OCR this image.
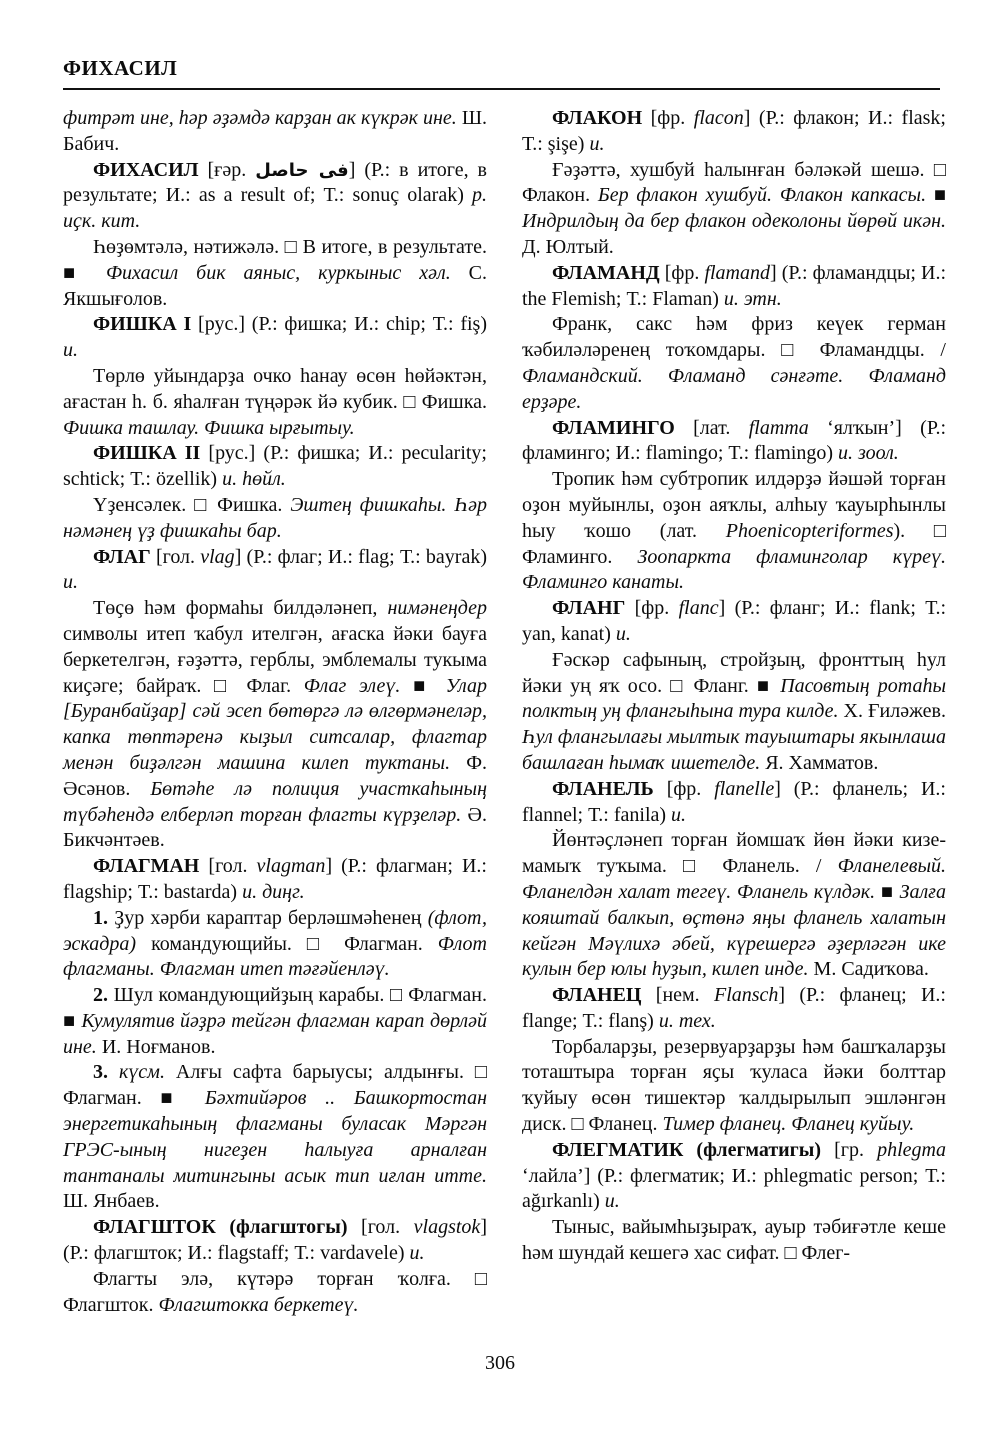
ФИХАСИЛ

фитрәт ине, һәр әҙәмдә карҙан ак күкрәк ине. Ш. Бабич.

ФИХАСИЛ [ғәр. فى حاصل] (Р.: в итоге, в результате; И.: as a result of; Т.: sonuç olarak) р. иҫк. кит.

Һөҙөмтәлә, нәтижәлә. □ В итоге, в результате. ■ Фихасил бик аяныс, куркыныс хәл. С. Якшығолов.

ФИШКА I [рус.] (Р.: фишка; И.: chip; Т.: fiş) и.

Төрлө уйындарҙа очко һанау өсөн һөйәктән, ағастан һ. б. яһалған түңәрәк йә кубик. □ Фишка. Фишка ташлау. Фишка ырғытыу.

ФИШКА II [рус.] (Р.: фишка; И.: pecularity; schtick; Т.: özellik) и. һөйл.

Үҙенсәлек. □ Фишка. Эштең фишкаһы. Һәр нәмәнең үҙ фишкаһы бар.

ФЛАГ [гол. vlag] (Р.: флаг; И.: flag; Т.: bayrak) и.

Төҫө һәм формаһы билдәләнеп, нимәнеңдер символы итеп ҡабул ителгән, ағаска йәки бауға беркетелгән, ғәҙәттә, герблы, эмблемалы тукыма киҫәге; байраҡ. □ Флаг. Флаг элеү. ■ Улар [Буранбайҙар] сәй эсеп бөтөргә лә өлгөрмәнеләр, капка төптәренә кыҙыл ситсалар, флагтар менән биҙәлгән машина килеп туктаны. Ф. Әсәнов. Бөтәһе лә полиция участкаһының түбәһендә елберләп торған флагты күрҙеләр. Ә. Бикчәнтәев.

ФЛАГМАН [гол. vlagman] (Р.: флагман; И.: flagship; Т.: bastarda) и. диңг.

1. Ҙур хәрби караптар берләшмәһенең (флот, эскадра) командующийы. □ Флагман. Флот флагманы. Флагман итеп тәғәйенләү.

2. Шул командующийҙың карабы. □ Флагман. ■ Кумулятив йәҙрә тейгән флагман карап дөрләй ине. И. Ноғманов.

3. күсм. Алғы сафта барыусы; алдынғы. □ Флагман. ■ Бәхтийәров .. Башкортостан энергетикаһының флагманы буласак Мәргән ГРЭС-ының нигеҙен һалыуға арналған тантаналы митингыны асык тип иғлан итте. Ш. Янбаев.

ФЛАГШТОК (флагштогы) [гол. vlagstok] (Р.: флагшток; И.: flagstaff; Т.: vardavele) и.

Флагты элә, күтәрә торған ҡолға. □ Флагшток. Флагштокка беркетеү.

ФЛАКОН [фр. flacon] (Р.: флакон; И.: flask; Т.: şişe) и.

Ғәҙәттә, хушбуй һалынған бәләкәй шешә. □ Флакон. Бер флакон хушбуй. Флакон капкасы. ■ Индрилдың да бер флакон одеколоны йөрөй икән. Д. Юлтый.

ФЛАМАНД [фр. flamand] (Р.: фламандцы; И.: the Flemish; Т.: Flaman) и. этн.

Франк, сакс һәм фриз кеүек герман ҡәбиләләренең тоҡомдары. □ Фламандцы. / Фламандский. Фламанд сәнғәте. Фламанд ерҙәре.

ФЛАМИНГО [лат. flamma ‘ялҡын’] (Р.: фламинго; И.: flamingo; Т.: flamingo) и. зоол.

Тропик һәм субтропик илдәрҙә йәшәй торған оҙон муйынлы, оҙон аяҡлы, алһыу ҡауырһынлы һыу ҡошо (лат. Phoenicopteriformes). □ Фламинго. Зоопаркта фламинголар күреү. Фламинго канаты.

ФЛАНГ [фр. flanc] (Р.: фланг; И.: flank; Т.: yan, kanat) и.

Ғәскәр сафының, стройҙың, фронттың һул йәки уң яҡ осо. □ Фланг. ■ Пасовтың ротаһы полктың уң флангыһына тура килде. Х. Ғиләжев. Һул флангылағы мылтык тауыштары якынлаша башлаған һымаҡ ишетелде. Я. Хамматов.

ФЛАНЕЛЬ [фр. flanelle] (Р.: фланель; И.: flannel; Т.: fanila) и.

Йөнтәҫләнеп торған йомшаҡ йөн йәки кизе-мамыҡ туҡыма. □ Фланель. / Фланелевый. Фланелдән халат тегеү. Фланель күлдәк. ■ Залға кояштай балкып, өҫтөнә яңы фланель халатын кейгән Мәүлихә әбей, күрешергә әҙерләгән ике кулын бер юлы һуҙып, килеп инде. М. Садиҡова.

ФЛАНЕЦ [нем. Flansch] (Р.: фланец; И.: flange; Т.: flanş) и. тех.

Торбаларҙы, резервуарҙарҙы һәм башҡаларҙы тоташтыра торған яҫы ҡуласа йәки болттар ҡуйыу өсөн тишектәр ҡалдырылып эшләнгән диск. □ Фланец. Тимер фланец. Фланец куйыу.

ФЛЕГМАТИК (флегматигы) [гр. phlegma ‘лайла’] (Р.: флегматик; И.: phlegmatic person; Т.: ağırkanlı) и.

Тыныс, вайымһыҙыраҡ, ауыр тәбиғәтле кеше һәм шундай кешегә хас сифат. □ Флег-

306
